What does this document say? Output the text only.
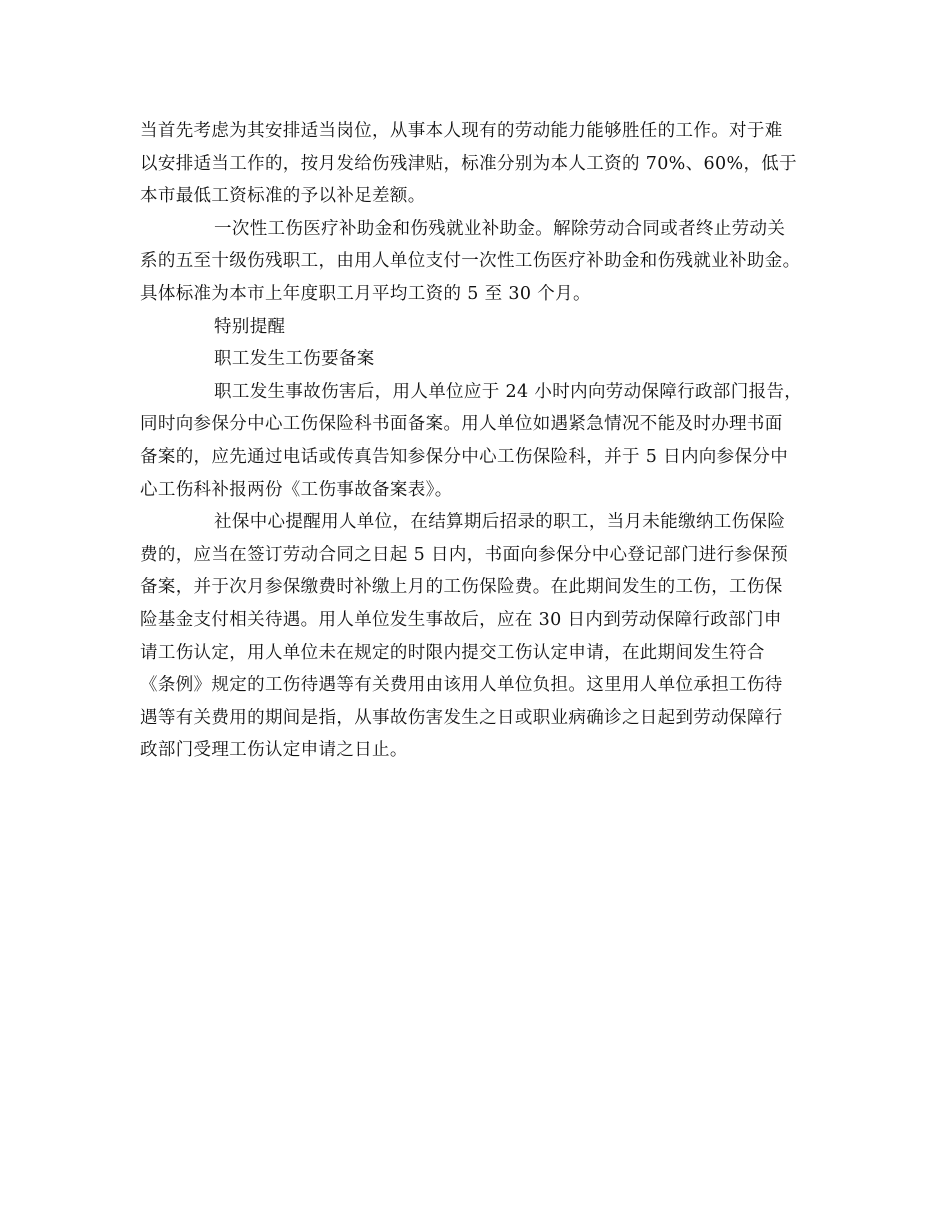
当首先考虑为其安排适当岗位，从事本人现有的劳动能力能够胜任的工作。对于难
以安排适当工作的，按月发给伤残津贴，标准分别为本人工资的 70%、60%，低于
本市最低工资标准的予以补足差额。
一次性工伤医疗补助金和伤残就业补助金。解除劳动合同或者终止劳动关
系的五至十级伤残职工，由用人单位支付一次性工伤医疗补助金和伤残就业补助金。
具体标准为本市上年度职工月平均工资的 5 至 30 个月。
特别提醒
职工发生工伤要备案
职工发生事故伤害后，用人单位应于 24 小时内向劳动保障行政部门报告，
同时向参保分中心工伤保险科书面备案。用人单位如遇紧急情况不能及时办理书面
备案的，应先通过电话或传真告知参保分中心工伤保险科，并于 5 日内向参保分中
心工伤科补报两份《工伤事故备案表》。
社保中心提醒用人单位，在结算期后招录的职工，当月未能缴纳工伤保险
费的，应当在签订劳动合同之日起 5 日内，书面向参保分中心登记部门进行参保预
备案，并于次月参保缴费时补缴上月的工伤保险费。在此期间发生的工伤，工伤保
险基金支付相关待遇。用人单位发生事故后，应在 30 日内到劳动保障行政部门申
请工伤认定，用人单位未在规定的时限内提交工伤认定申请，在此期间发生符合
《条例》规定的工伤待遇等有关费用由该用人单位负担。这里用人单位承担工伤待
遇等有关费用的期间是指，从事故伤害发生之日或职业病确诊之日起到劳动保障行
政部门受理工伤认定申请之日止。
